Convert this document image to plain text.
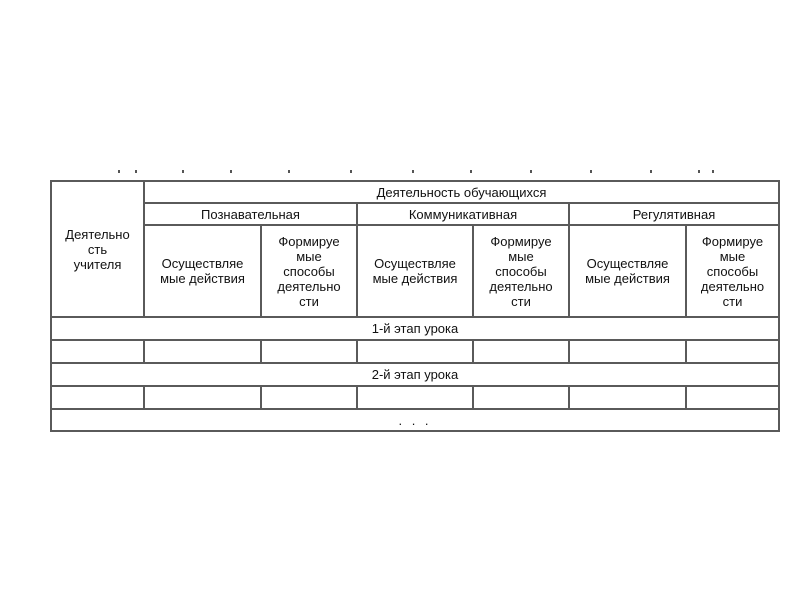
Деятельно
сть
учителя	Деятельность обучающихся					
	Познавательная		Коммуникативная		Регулятивная	

	Осуществляе
мые действия	Формируе
мые
способы
деятельно
сти	Осуществляе
мые действия	Формируе
мые
способы
деятельно
сти	Осуществляе
мые действия	Формируе
мые
способы
деятельно
сти

1-й этап урока						

2-й этап урока						

. . .						
